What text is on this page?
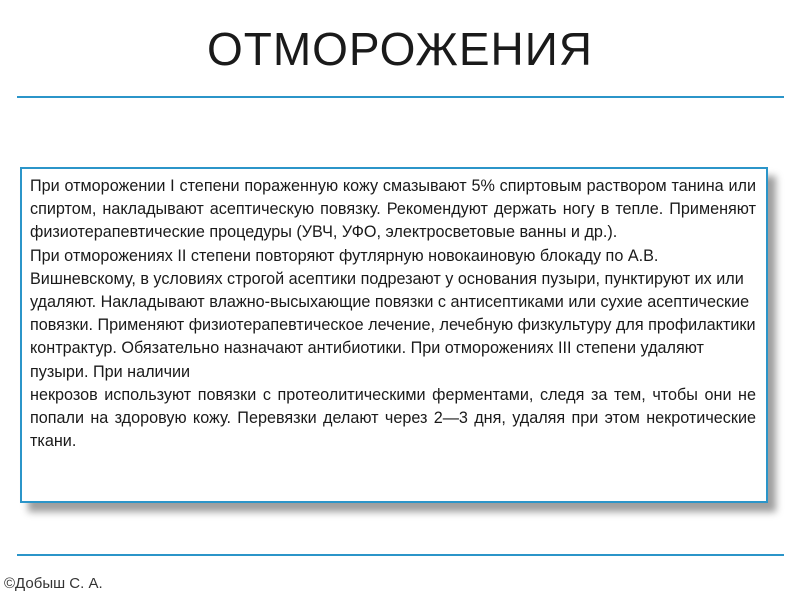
ОТМОРОЖЕНИЯ

При отморожении I степени пораженную кожу смазывают 5% спиртовым раствором танина или спиртом, накладывают асептическую повязку. Рекомендуют держать ногу в тепле. Применяют физиотерапевтические процедуры (УВЧ, УФО, электросветовые ванны и др.).

При отморожениях II степени повторяют футлярную новокаиновую блокаду по А.В. Вишневскому, в условиях строгой асептики подрезают у основания пузыри, пунктируют их или удаляют. Накладывают влажно-высыхающие повязки с антисептиками или сухие асептические повязки. Применяют физиотерапевтическое лечение, лечебную физкультуру для профилактики контрактур. Обязательно назначают антибиотики. При отморожениях III степени удаляют пузыри. При наличии

некрозов используют повязки с протеолитическими ферментами, следя за тем, чтобы они не попали на здоровую кожу. Перевязки делают через 2—3 дня, удаляя при этом некротические ткани.

©Добыш С. А.
